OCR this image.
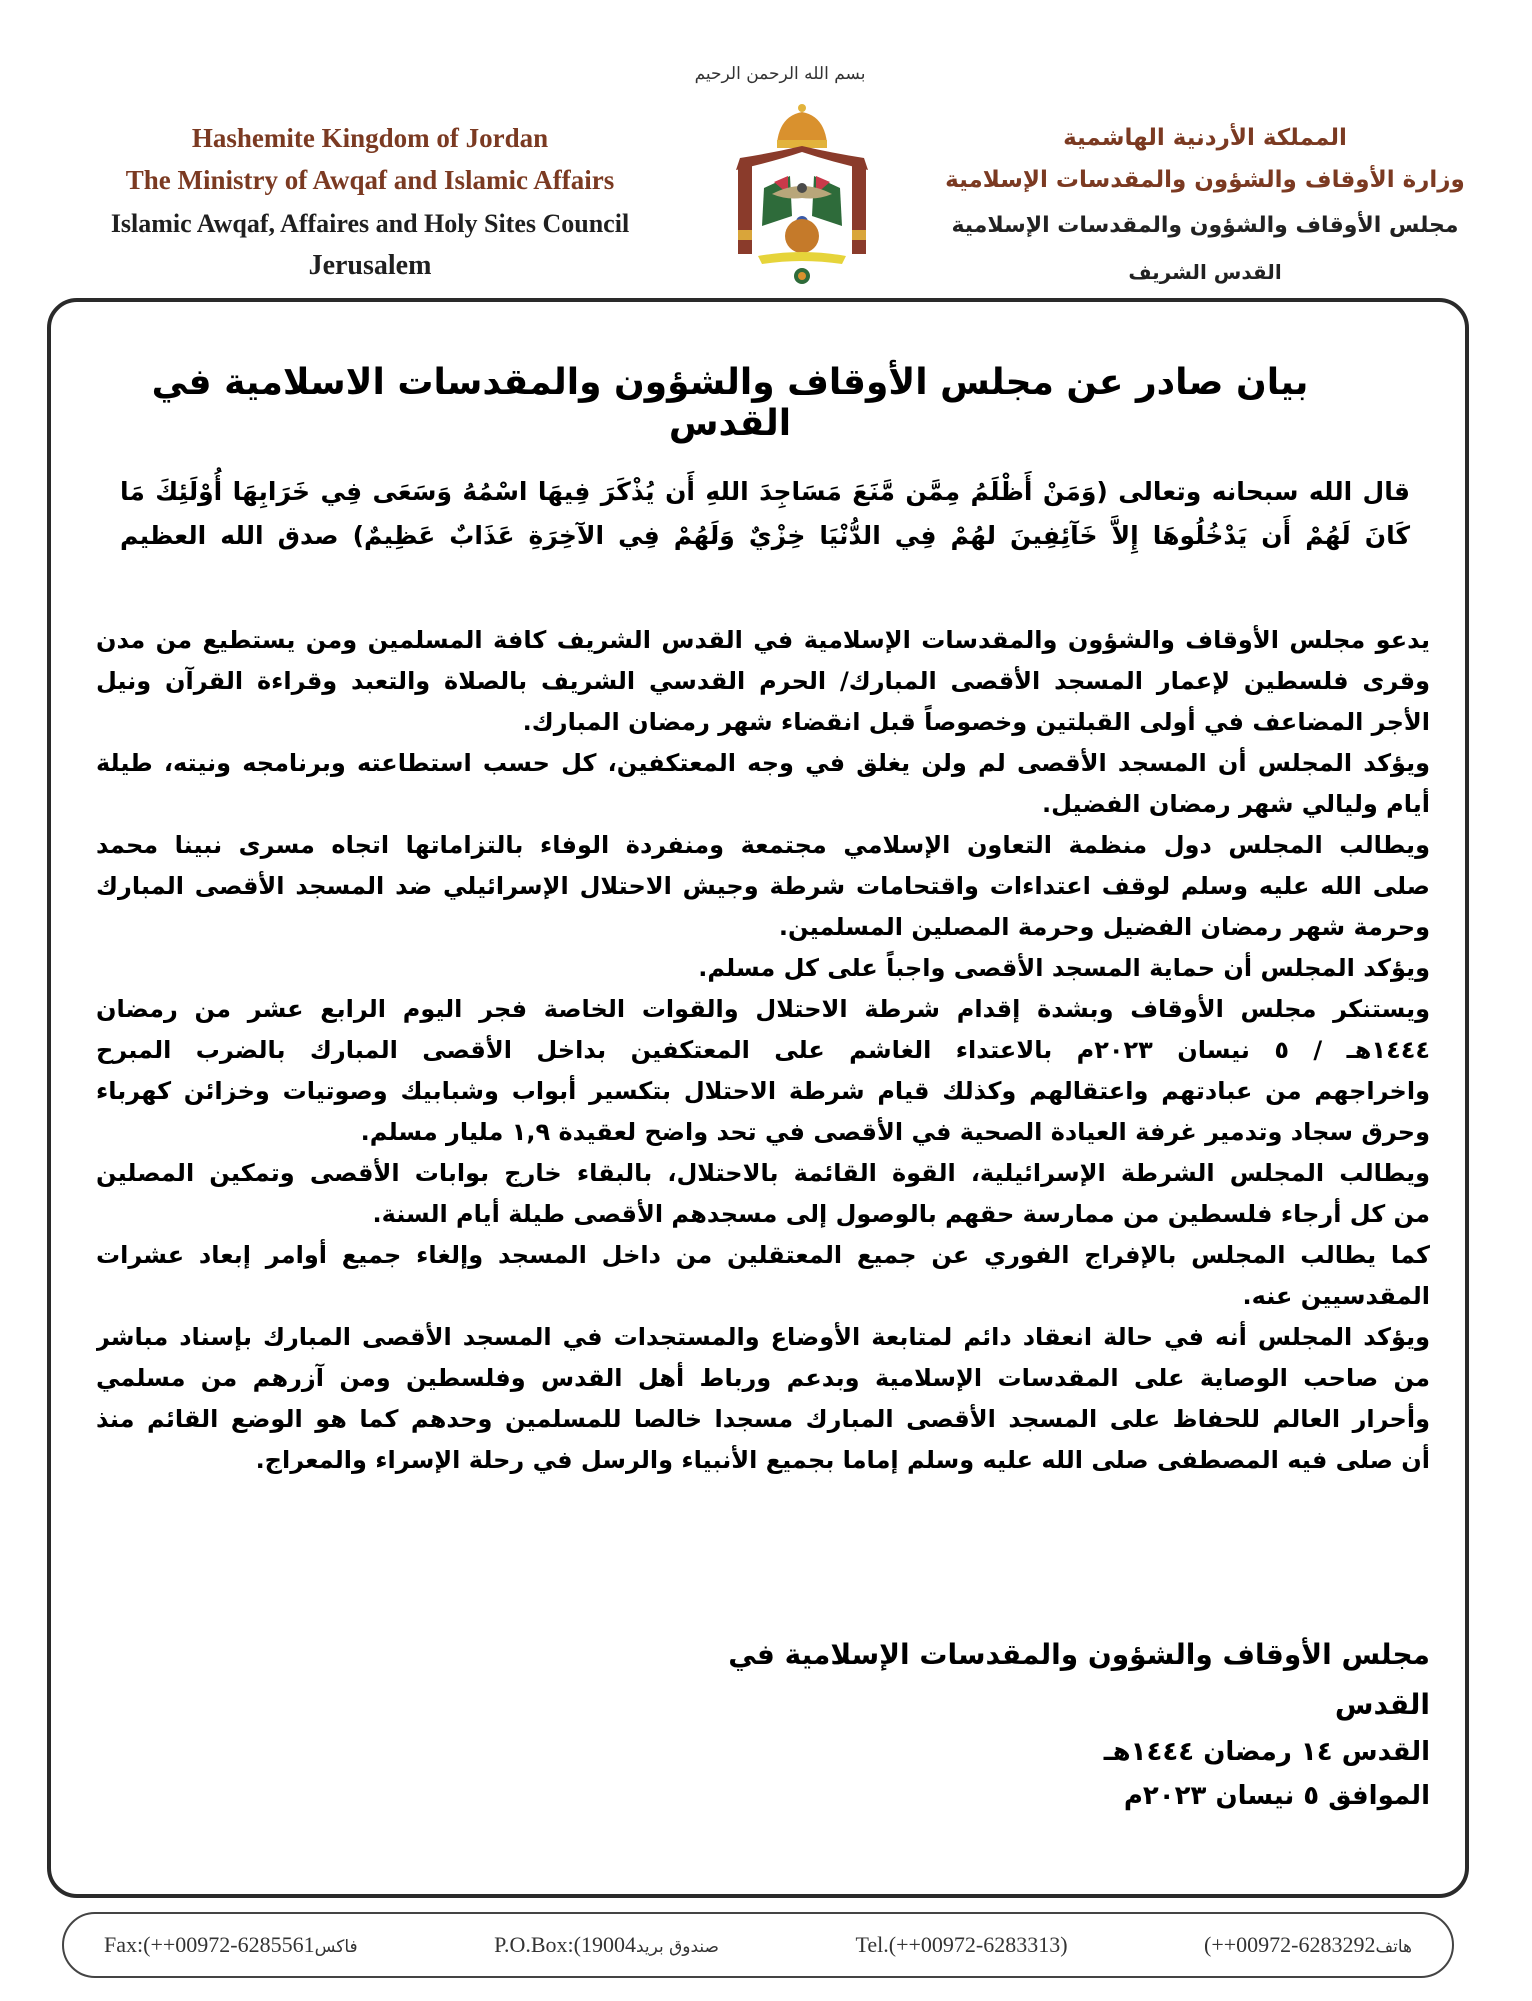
بسم الله الرحمن الرحيم
Hashemite Kingdom of Jordan
The Ministry of Awqaf and Islamic Affairs
Islamic Awqaf, Affaires and Holy Sites Council
Jerusalem
المملكة الأردنية الهاشمية
وزارة الأوقاف والشؤون والمقدسات الإسلامية
مجلس الأوقاف والشؤون والمقدسات الإسلامية
القدس الشريف
بيان صادر عن مجلس الأوقاف والشؤون والمقدسات الاسلامية في القدس
قال الله سبحانه وتعالى (وَمَنْ أَظْلَمُ مِمَّن مَّنَعَ مَسَاجِدَ اللهِ أَن يُذْكَرَ فِيهَا اسْمُهُ وَسَعَى فِي خَرَابِهَا أُوْلَئِكَ مَا
كَانَ لَهُمْ أَن يَدْخُلُوهَا إِلاَّ خَآئِفِينَ لهُمْ فِي الدُّنْيَا خِزْيٌ وَلَهُمْ فِي الآخِرَةِ عَذَابٌ عَظِيمٌ) صدق الله العظيم
يدعو مجلس الأوقاف والشؤون والمقدسات الإسلامية في القدس الشريف كافة المسلمين ومن يستطيع من مدن
وقرى فلسطين لإعمار المسجد الأقصى المبارك/ الحرم القدسي الشريف بالصلاة والتعبد وقراءة القرآن ونيل
الأجر المضاعف في أولى القبلتين وخصوصاً قبل انقضاء شهر رمضان المبارك.
ويؤكد المجلس أن المسجد الأقصى لم ولن يغلق في وجه المعتكفين، كل حسب استطاعته وبرنامجه ونيته، طيلة
أيام وليالي شهر رمضان الفضيل.
ويطالب المجلس دول منظمة التعاون الإسلامي مجتمعة ومنفردة الوفاء بالتزاماتها اتجاه مسرى نبينا محمد
صلى الله عليه وسلم لوقف اعتداءات واقتحامات شرطة وجيش الاحتلال الإسرائيلي ضد المسجد الأقصى المبارك
وحرمة شهر رمضان الفضيل وحرمة المصلين المسلمين.
ويؤكد المجلس أن حماية المسجد الأقصى واجباً على كل مسلم.
ويستنكر مجلس الأوقاف وبشدة إقدام شرطة الاحتلال والقوات الخاصة فجر اليوم الرابع عشر من رمضان
١٤٤٤هـ / ٥ نيسان ٢٠٢٣م بالاعتداء الغاشم على المعتكفين بداخل الأقصى المبارك بالضرب المبرح
واخراجهم من عبادتهم واعتقالهم وكذلك قيام شرطة الاحتلال بتكسير أبواب وشبابيك وصوتيات وخزائن كهرباء
وحرق سجاد وتدمير غرفة العيادة الصحية في الأقصى في تحد واضح لعقيدة ١,٩ مليار مسلم.
ويطالب المجلس الشرطة الإسرائيلية، القوة القائمة بالاحتلال، بالبقاء خارج بوابات الأقصى وتمكين المصلين
من كل أرجاء فلسطين من ممارسة حقهم بالوصول إلى مسجدهم الأقصى طيلة أيام السنة.
كما يطالب المجلس بالإفراج الفوري عن جميع المعتقلين من داخل المسجد وإلغاء جميع أوامر إبعاد عشرات
المقدسيين عنه.
ويؤكد المجلس أنه في حالة انعقاد دائم لمتابعة الأوضاع والمستجدات في المسجد الأقصى المبارك بإسناد مباشر
من صاحب الوصاية على المقدسات الإسلامية وبدعم ورباط أهل القدس وفلسطين ومن آزرهم من مسلمي
وأحرار العالم للحفاظ على المسجد الأقصى المبارك مسجدا خالصا للمسلمين وحدهم كما هو الوضع القائم منذ
أن صلى فيه المصطفى صلى الله عليه وسلم إماما بجميع الأنبياء والرسل في رحلة الإسراء والمعراج.
مجلس الأوقاف والشؤون والمقدسات الإسلامية في القدس
القدس ١٤ رمضان ١٤٤٤هـ
الموافق ٥ نيسان ٢٠٢٣م
Fax:(++00972-6285561فاكس	P.O.Box:(19004صندوق بريد	Tel.(++00972-6283313)	(++00972-6283292هاتف
